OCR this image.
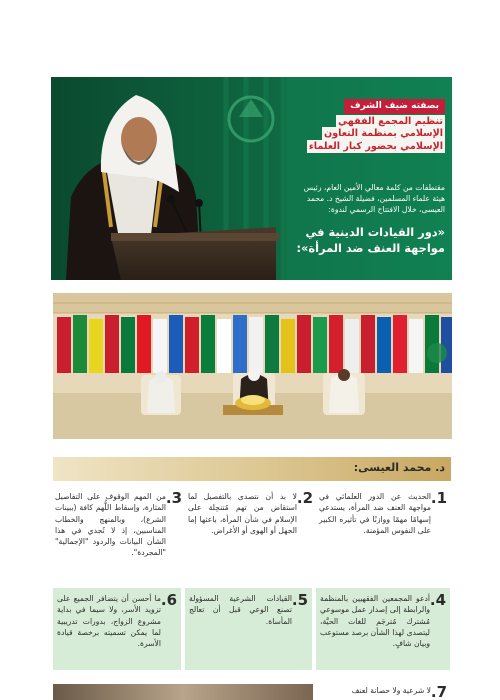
بصفته ضيف الشرف
تنظيم المجمع الفقهي
الإسلامي بمنظمة التعاون
الإسلامي بحضور كبار العلماء
مقتطفات من كلمة معالي الأمين العام، رئيس هيئة علماء المسلمين، فضيلة الشيخ د. محمد العيسى، خلال الافتتاح الرسمي لندوة:
«دور القيادات الدينية في مواجهة العنف ضد المرأة»:
د. محمد العيسى:
1.
الحديث عن الدور العلمائي في مواجهة العنف ضد المرأة، يستدعي إسهامًا مهمًا ووازنًا في تأثيره الكبير على النفوس المؤمنة.
2.
لا بد أن نتصدى بالتفصيل لما استقاض من تهم مُتنحِلة على الإسلام في شأن المرأة، باعثها إما الجهل أو الهوى أو الأغراض.
3.
من المهم الوقوف على التفاصيل المثارة، وإسقاط اللُّهم كافة (ببينات الشرع)، وبالمنهج والخطاب المناسبين، إذ لا تُجدي في هذا الشأن البيانات والردود "الإجمالية" "المجردة".
4.
أدعو المجمعين الفقهيين بالمنظمة والرابطة إلى إصدار عمل موسوعي مُشترك مُترجَم للغات الحيَّة، ليتصدى لهذا الشأن برصد مستوعب وبيان شافٍ.
5.
القيادات الشرعية المسؤولة تصنع الوعي قبل أن تعالج المأساة.
6.
ما أحسن أن يتضافر الجميع على تزويد الأسر، ولا سيما في بداية مشروع الزواج، بدورات تدريبية لما يمكن تسميته برخصة قيادة الأسرة.
7.
لا شرعية ولا حصانة لعنف
